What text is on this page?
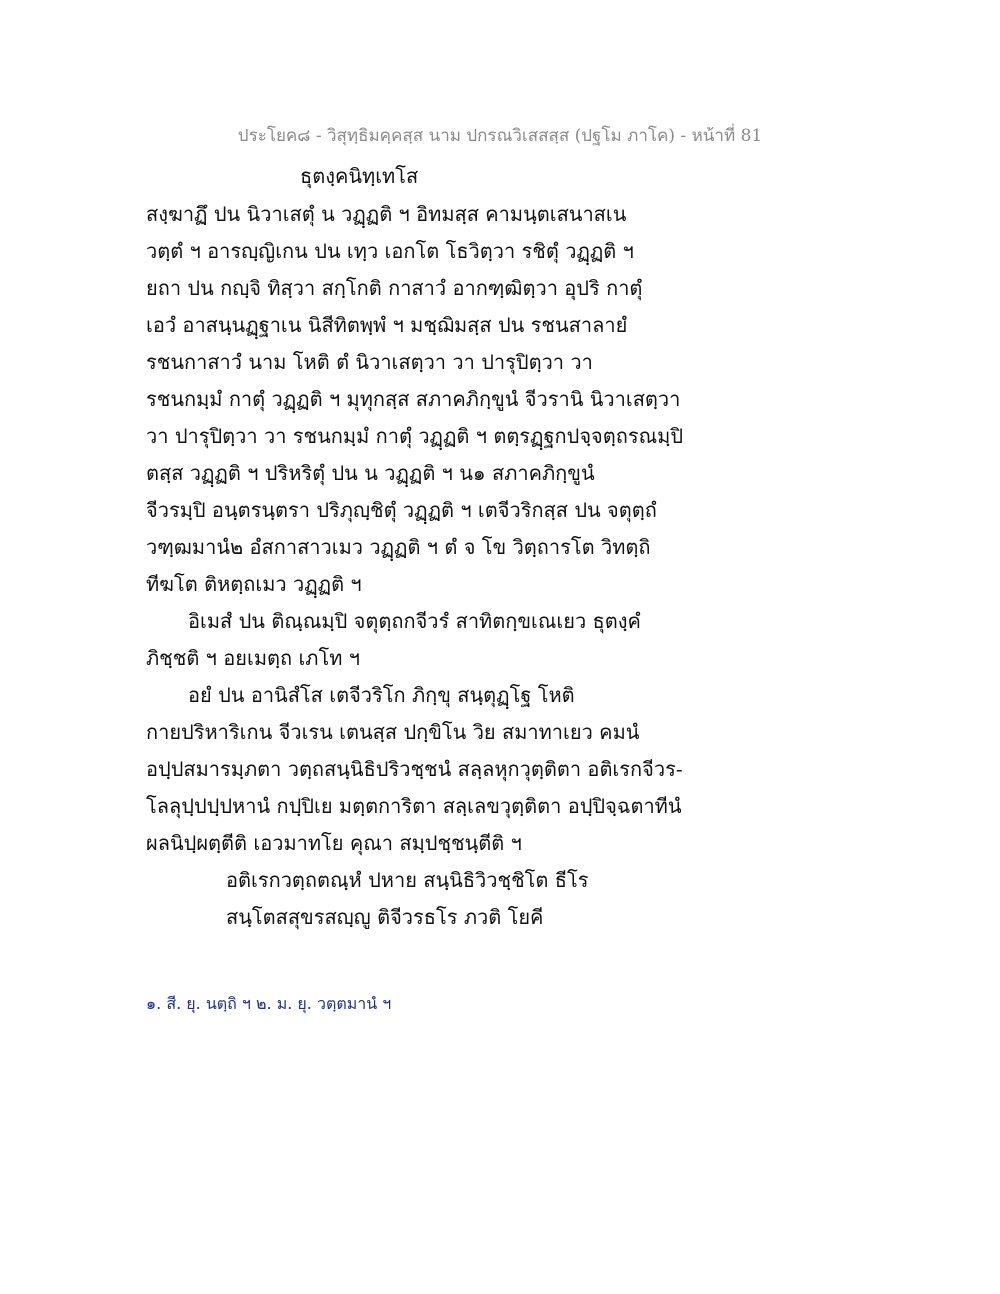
ประโยค๘ - วิสุทฺธิมคฺคสฺส นาม ปกรณวิเสสสฺส (ปฐโม ภาโค) - หน้าที่ 81
ธุตงฺคนิทฺเทโส
สงฺฆาฏึ ปน นิวาเสตุํ น วฏฺฏติ ฯ อิทมสฺส คามนฺตเสนาสเน
วตฺตํ ฯ อารญฺญิเกน ปน เทฺว เอกโต โธวิตฺวา รชิตุํ วฏฺฏติ ฯ
ยถา ปน กญฺจิ ทิสฺวา สกฺโกติ กาสาวํ อากฑฺฒิตฺวา อุปริ กาตุํ
เอวํ อาสนฺนฏฺฐาเน นิสีทิตพฺพํ ฯ มชฺฌิมสฺส ปน รชนสาลายํ
รชนกาสาวํ นาม โหติ ตํ นิวาเสตฺวา วา ปารุปิตฺวา วา
รชนกมฺมํ กาตุํ วฏฺฏติ ฯ มุทุกสฺส สภาคภิกฺขูนํ จีวรานิ นิวาเสตฺวา
วา ปารุปิตฺวา วา รชนกมฺมํ กาตุํ วฏฺฏติ ฯ ตตฺรฏฺฐกปจฺจตฺถรณมฺปิ
ตสฺส วฏฺฏติ ฯ ปริหริตุํ ปน น วฏฺฏติ ฯ น๑ สภาคภิกฺขูนํ
จีวรมฺปิ อนฺตรนฺตรา ปริภุญฺชิตุํ วฏฺฏติ ฯ เตจีวริกสฺส ปน จตุตฺถํ
วฑฺฒมานํ๒ อํสกาสาวเมว วฏฺฏติ ฯ ตํ จ โข วิตฺถารโต วิทตฺถิ
ทีฆโต ติหตฺถเมว วฏฺฏติ ฯ
อิเมสํ ปน ติณฺณมฺปิ จตุตฺถกจีวรํ สาทิตกฺขเณเยว ธุตงฺคํ
ภิชฺชติ ฯ อยเมตฺถ เภโท ฯ
อยํ ปน อานิสํโส เตจีวริโก ภิกฺขุ สนฺตุฏฺโฐ โหติ
กายปริหาริเกน จีวเรน เตนสฺส ปกฺขิโน วิย สมาทาเยว คมนํ
อปฺปสมารมฺภตา วตฺถสนฺนิธิปริวชฺชนํ สลฺลหุกวุตฺติตา อติเรกจีวร-
โลลุปฺปปฺปหานํ กปฺปิเย มตฺตการิตา สลฺเลขวุตฺติตา อปฺปิจฺฉตาทีนํ
ผลนิปฺผตฺตีติ เอวมาทโย คุณา สมฺปชฺชนฺตีติ ฯ
อติเรกวตฺถตณฺหํ ปหาย สนฺนิธิวิวชฺชิโต ธีโร
สนฺโตสสุขรสญฺญู ติจีวรธโร ภวติ โยคี
๑. สี. ยุ. นตฺถิ ฯ ๒. ม. ยุ. วตฺตมานํ ฯ
